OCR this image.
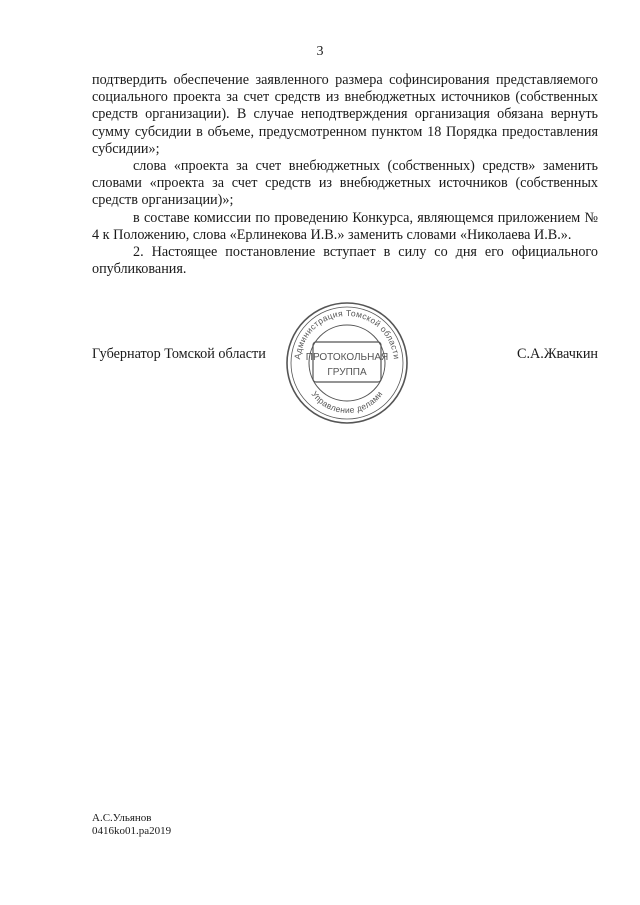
3

подтвердить обеспечение заявленного размера софинсирования представляемого социального проекта за счет средств из внебюджетных источников (собственных средств организации). В случае неподтверждения организация обязана вернуть сумму субсидии в объеме, предусмотренном пунктом 18 Порядка предоставления субсидии»;

слова «проекта за счет внебюджетных (собственных) средств» заменить словами «проекта за счет средств из внебюджетных источников (собственных средств организации)»;

в составе комиссии по проведению Конкурса, являющемся приложением № 4 к Положению, слова «Ерлинекова И.В.» заменить словами «Николаева И.В.».

2. Настоящее постановление вступает в силу со дня его официального опубликования.

Губернатор Томской области	С.А.Жвачкин
Администрация Томской области
Управление делами
ПРОТОКОЛЬНАЯ
ГРУППА
А.С.Ульянов
0416ko01.pa2019
